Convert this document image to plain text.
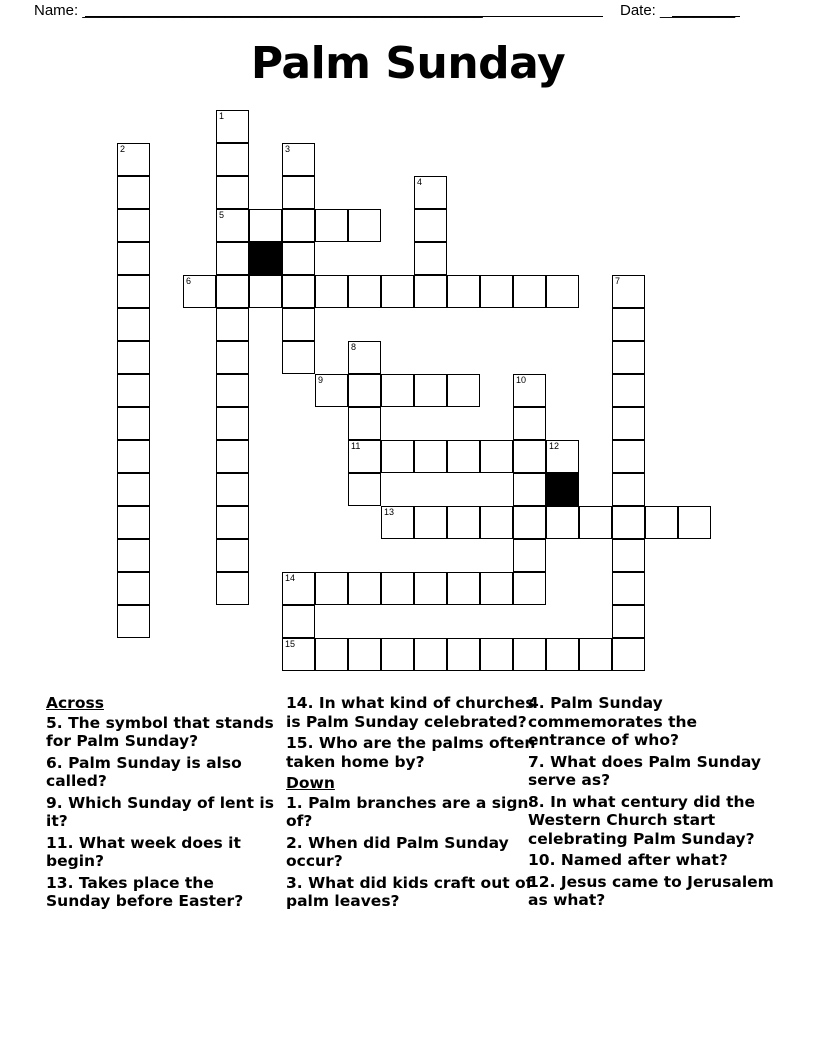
Name: ________________________________________________	Date: _________
Palm Sunday
1
2	3
4
5
6	7
8
9	10
11	12
13
14
15
Across

5. The symbol that stands for Palm Sunday?

6. Palm Sunday is also called?

9. Which Sunday of lent is it?

11. What week does it begin?

13. Takes place the Sunday before Easter?

14. In what kind of churches is Palm Sunday celebrated?

15. Who are the palms often taken home by?

Down

1. Palm branches are a sign of?

2. When did Palm Sunday occur?

3. What did kids craft out of palm leaves?

4. Palm Sunday commemorates the entrance of who?

7. What does Palm Sunday serve as?

8. In what century did the Western Church start celebrating Palm Sunday?

10. Named after what?

12. Jesus came to Jerusalem as what?
